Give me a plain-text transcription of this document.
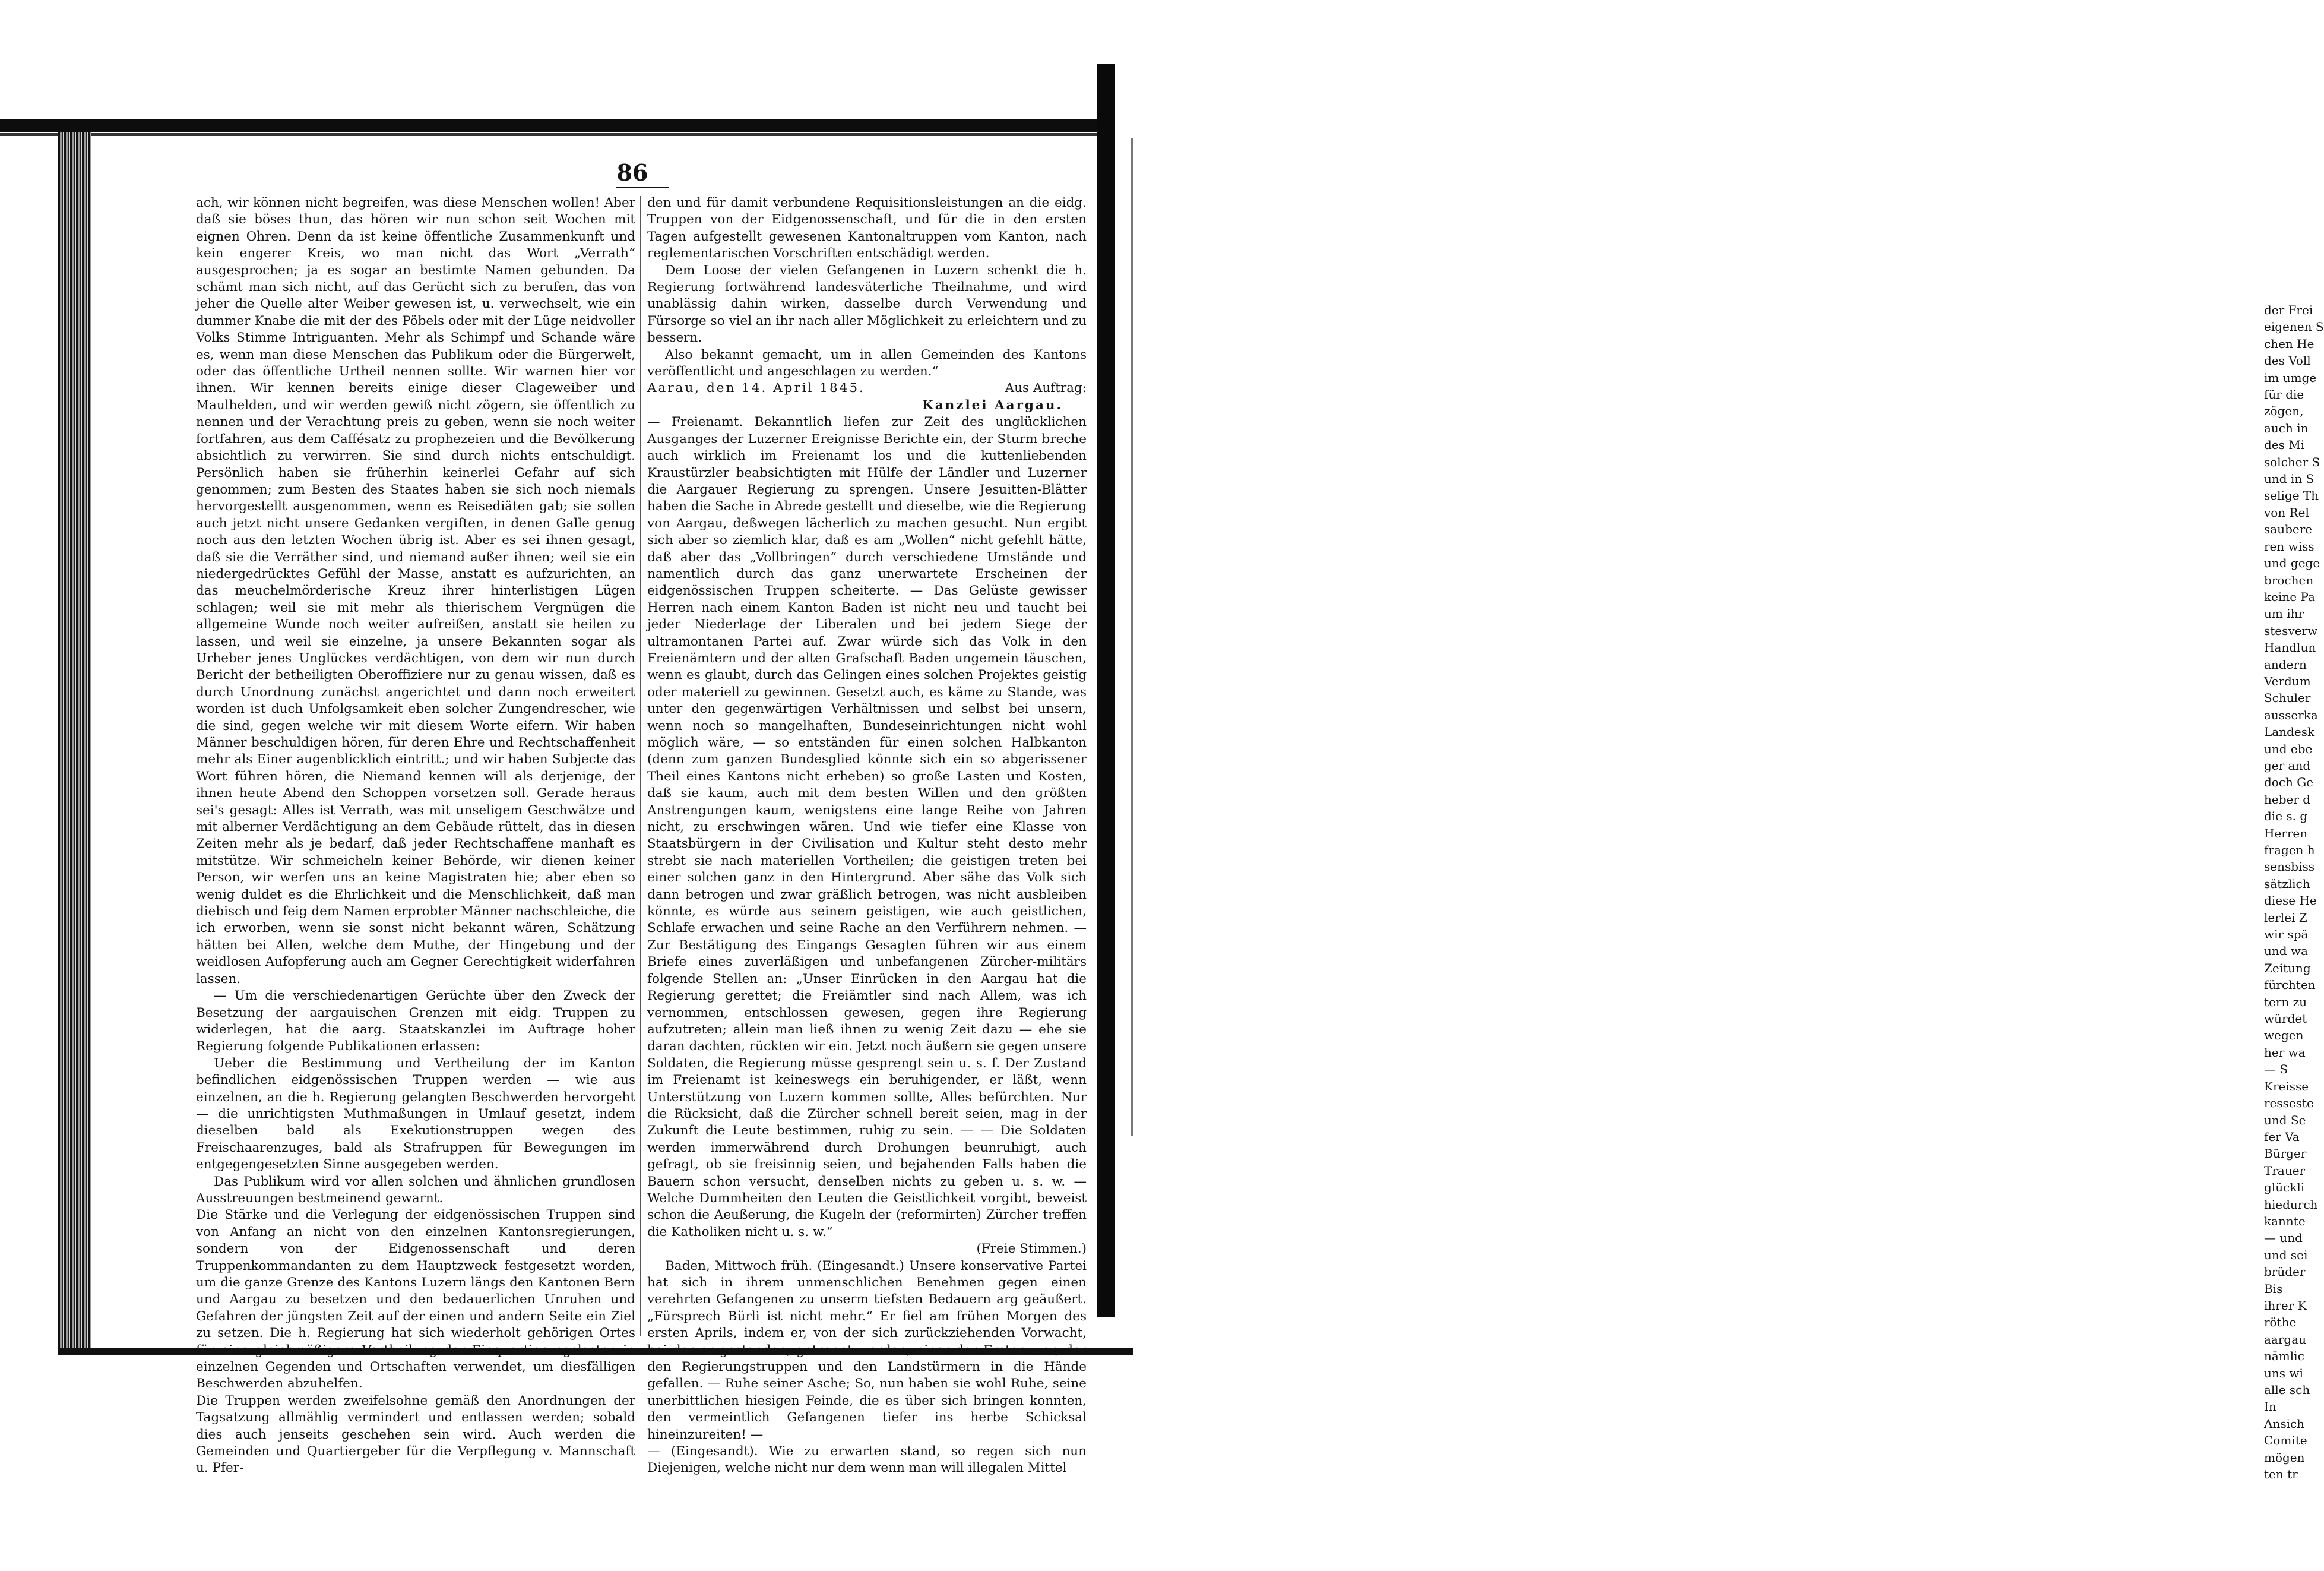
der Frei
eigenen S
chen He
des Voll
im umge
für die
zögen,
auch in
des Mi
solcher S
und in S
selige Th
von Rel
saubere
ren wiss
und gege
brochen
keine Pa
um ihr
stesverw
Handlun
andern
Verdum
Schuler
ausserka
Landesk
und ebe
ger and
doch Ge
heber d
die s. g
Herren
fragen h
sensbiss
sätzlich
diese He
lerlei Z
wir spä
und wa
Zeitung
fürchten
tern zu
würdet
wegen
her wa
— S
Kreisse
resseste
und Se
fer Va
Bürger
Trauer
glückli
hiedurch
kannte
— und
und sei
brüder
Bis
ihrer K
röthe
aargau
nämlic
uns wi
alle sch
In
Ansich
Comite
mögen
ten tr
86

ach, wir können nicht begreifen, was diese Menschen wollen! Aber daß sie böses thun, das hören wir nun schon seit Wochen mit eignen Ohren. Denn da ist keine öffentliche Zusammenkunft und kein engerer Kreis, wo man nicht das Wort „Verrath“ ausgesprochen; ja es sogar an bestimte Namen gebunden. Da schämt man sich nicht, auf das Gerücht sich zu berufen, das von jeher die Quelle alter Weiber gewesen ist, u. verwechselt, wie ein dummer Knabe die mit der des Pöbels oder mit der Lüge neidvoller Volks Stimme Intriguanten. Mehr als Schimpf und Schande wäre es, wenn man diese Menschen das Publikum oder die Bürgerwelt, oder das öffentliche Urtheil nennen sollte. Wir warnen hier vor ihnen. Wir kennen bereits einige dieser Clageweiber und Maulhelden, und wir werden gewiß nicht zögern, sie öffentlich zu nennen und der Verachtung preis zu geben, wenn sie noch weiter fortfahren, aus dem Caffésatz zu prophezeien und die Bevölkerung absichtlich zu verwirren. Sie sind durch nichts entschuldigt. Persönlich haben sie früherhin keinerlei Gefahr auf sich genommen; zum Besten des Staates haben sie sich noch niemals hervorgestellt ausgenommen, wenn es Reisediäten gab; sie sollen auch jetzt nicht unsere Gedanken vergiften, in denen Galle genug noch aus den letzten Wochen übrig ist. Aber es sei ihnen gesagt, daß sie die Verräther sind, und niemand außer ihnen; weil sie ein niedergedrücktes Gefühl der Masse, anstatt es aufzurichten, an das meuchelmörderische Kreuz ihrer hinterlistigen Lügen schlagen; weil sie mit mehr als thierischem Vergnügen die allgemeine Wunde noch weiter aufreißen, anstatt sie heilen zu lassen, und weil sie einzelne, ja unsere Bekannten sogar als Urheber jenes Unglückes verdächtigen, von dem wir nun durch Bericht der betheiligten Oberoffiziere nur zu genau wissen, daß es durch Unordnung zunächst angerichtet und dann noch erweitert worden ist duch Unfolgsamkeit eben solcher Zungendrescher, wie die sind, gegen welche wir mit diesem Worte eifern. Wir haben Männer beschuldigen hören, für deren Ehre und Rechtschaffenheit mehr als Einer augenblicklich eintritt.; und wir haben Subjecte das Wort führen hören, die Niemand kennen will als derjenige, der ihnen heute Abend den Schoppen vorsetzen soll. Gerade heraus sei's gesagt: Alles ist Verrath, was mit unseligem Geschwätze und mit alberner Verdächtigung an dem Gebäude rüttelt, das in diesen Zeiten mehr als je bedarf, daß jeder Rechtschaffene manhaft es mitstütze. Wir schmeicheln keiner Behörde, wir dienen keiner Person, wir werfen uns an keine Magistraten hie; aber eben so wenig duldet es die Ehrlichkeit und die Menschlichkeit, daß man diebisch und feig dem Namen erprobter Männer nachschleiche, die ich erworben, wenn sie sonst nicht bekannt wären, Schätzung hätten bei Allen, welche dem Muthe, der Hingebung und der weidlosen Aufopferung auch am Gegner Gerechtigkeit widerfahren lassen.

— Um die verschiedenartigen Gerüchte über den Zweck der Besetzung der aargauischen Grenzen mit eidg. Truppen zu widerlegen, hat die aarg. Staatskanzlei im Auftrage hoher Regierung folgende Publikationen erlassen:

Ueber die Bestimmung und Vertheilung der im Kanton befindlichen eidgenössischen Truppen werden — wie aus einzelnen, an die h. Regierung gelangten Beschwerden hervorgeht — die unrichtigsten Muthmaßungen in Umlauf gesetzt, indem dieselben bald als Exekutionstruppen wegen des Freischaarenzuges, bald als Strafruppen für Bewegungen im entgegengesetzten Sinne ausgegeben werden.

Das Publikum wird vor allen solchen und ähnlichen grundlosen Ausstreuungen bestmeinend gewarnt.

Die Stärke und die Verlegung der eidgenössischen Truppen sind von Anfang an nicht von den einzelnen Kantonsregierungen, sondern von der Eidgenossenschaft und deren Truppenkommandanten zu dem Hauptzweck festgesetzt worden, um die ganze Grenze des Kantons Luzern längs den Kantonen Bern und Aargau zu besetzen und den bedauerlichen Unruhen und Gefahren der jüngsten Zeit auf der einen und andern Seite ein Ziel zu setzen. Die h. Regierung hat sich wiederholt gehörigen Ortes für eine gleichmäßigere Vertheilung der Einquartierungslasten in einzelnen Gegenden und Ortschaften verwendet, um diesfälligen Beschwerden abzuhelfen.

Die Truppen werden zweifelsohne gemäß den Anordnungen der Tagsatzung allmählig vermindert und entlassen werden; sobald dies auch jenseits geschehen sein wird. Auch werden die Gemeinden und Quartiergeber für die Verpflegung v. Mannschaft u. Pfer-

den und für damit verbundene Requisitionsleistungen an die eidg. Truppen von der Eidgenossenschaft, und für die in den ersten Tagen aufgestellt gewesenen Kantonaltruppen vom Kanton, nach reglementarischen Vorschriften entschädigt werden.

Dem Loose der vielen Gefangenen in Luzern schenkt die h. Regierung fortwährend landesväterliche Theilnahme, und wird unablässig dahin wirken, dasselbe durch Verwendung und Fürsorge so viel an ihr nach aller Möglichkeit zu erleichtern und zu bessern.

Also bekannt gemacht, um in allen Gemeinden des Kantons veröffentlicht und angeschlagen zu werden.“

Aarau, den 14. April 1845.	Aus Auftrag:
Kanzlei Aargau.

— Freienamt. Bekanntlich liefen zur Zeit des unglücklichen Ausganges der Luzerner Ereignisse Berichte ein, der Sturm breche auch wirklich im Freienamt los und die kuttenliebenden Kraustürzler beabsichtigten mit Hülfe der Ländler und Luzerner die Aargauer Regierung zu sprengen. Unsere Jesuitten-Blätter haben die Sache in Abrede gestellt und dieselbe, wie die Regierung von Aargau, deßwegen lächerlich zu machen gesucht. Nun ergibt sich aber so ziemlich klar, daß es am „Wollen“ nicht gefehlt hätte, daß aber das „Vollbringen“ durch verschiedene Umstände und namentlich durch das ganz unerwartete Erscheinen der eidgenössischen Truppen scheiterte. — Das Gelüste gewisser Herren nach einem Kanton Baden ist nicht neu und taucht bei jeder Niederlage der Liberalen und bei jedem Siege der ultramontanen Partei auf. Zwar würde sich das Volk in den Freienämtern und der alten Grafschaft Baden ungemein täuschen, wenn es glaubt, durch das Gelingen eines solchen Projektes geistig oder materiell zu gewinnen. Gesetzt auch, es käme zu Stande, was unter den gegenwärtigen Verhältnissen und selbst bei unsern, wenn noch so mangelhaften, Bundeseinrichtungen nicht wohl möglich wäre, — so entständen für einen solchen Halbkanton (denn zum ganzen Bundesglied könnte sich ein so abgerissener Theil eines Kantons nicht erheben) so große Lasten und Kosten, daß sie kaum, auch mit dem besten Willen und den größten Anstrengungen kaum, wenigstens eine lange Reihe von Jahren nicht, zu erschwingen wären. Und wie tiefer eine Klasse von Staatsbürgern in der Civilisation und Kultur steht desto mehr strebt sie nach materiellen Vortheilen; die geistigen treten bei einer solchen ganz in den Hintergrund. Aber sähe das Volk sich dann betrogen und zwar gräßlich betrogen, was nicht ausbleiben könnte, es würde aus seinem geistigen, wie auch geistlichen, Schlafe erwachen und seine Rache an den Verführern nehmen. — Zur Bestätigung des Eingangs Gesagten führen wir aus einem Briefe eines zuverläßigen und unbefangenen Zürcher-militärs folgende Stellen an: „Unser Einrücken in den Aargau hat die Regierung gerettet; die Freiämtler sind nach Allem, was ich vernommen, entschlossen gewesen, gegen ihre Regierung aufzutreten; allein man ließ ihnen zu wenig Zeit dazu — ehe sie daran dachten, rückten wir ein. Jetzt noch äußern sie gegen unsere Soldaten, die Regierung müsse gesprengt sein u. s. f. Der Zustand im Freienamt ist keineswegs ein beruhigender, er läßt, wenn Unterstützung von Luzern kommen sollte, Alles befürchten. Nur die Rücksicht, daß die Zürcher schnell bereit seien, mag in der Zukunft die Leute bestimmen, ruhig zu sein. — — Die Soldaten werden immerwährend durch Drohungen beunruhigt, auch gefragt, ob sie freisinnig seien, und bejahenden Falls haben die Bauern schon versucht, denselben nichts zu geben u. s. w. — Welche Dummheiten den Leuten die Geistlichkeit vorgibt, beweist schon die Aeußerung, die Kugeln der (reformirten) Zürcher treffen die Katholiken nicht u. s. w.“

(Freie Stimmen.)

Baden, Mittwoch früh. (Eingesandt.) Unsere konservative Partei hat sich in ihrem unmenschlichen Benehmen gegen einen verehrten Gefangenen zu unserm tiefsten Bedauern arg geäußert. „Fürsprech Bürli ist nicht mehr.“ Er fiel am frühen Morgen des ersten Aprils, indem er, von der sich zurückziehenden Vorwacht, bei der er gestanden, getrennt worden, einer der Ersten war, der den Regierungstruppen und den Landstürmern in die Hände gefallen. — Ruhe seiner Asche; So, nun haben sie wohl Ruhe, seine unerbittlichen hiesigen Feinde, die es über sich bringen konnten, den vermeintlich Gefangenen tiefer ins herbe Schicksal hineinzureiten! —

— (Eingesandt). Wie zu erwarten stand, so regen sich nun Diejenigen, welche nicht nur dem wenn man will illegalen Mittel
